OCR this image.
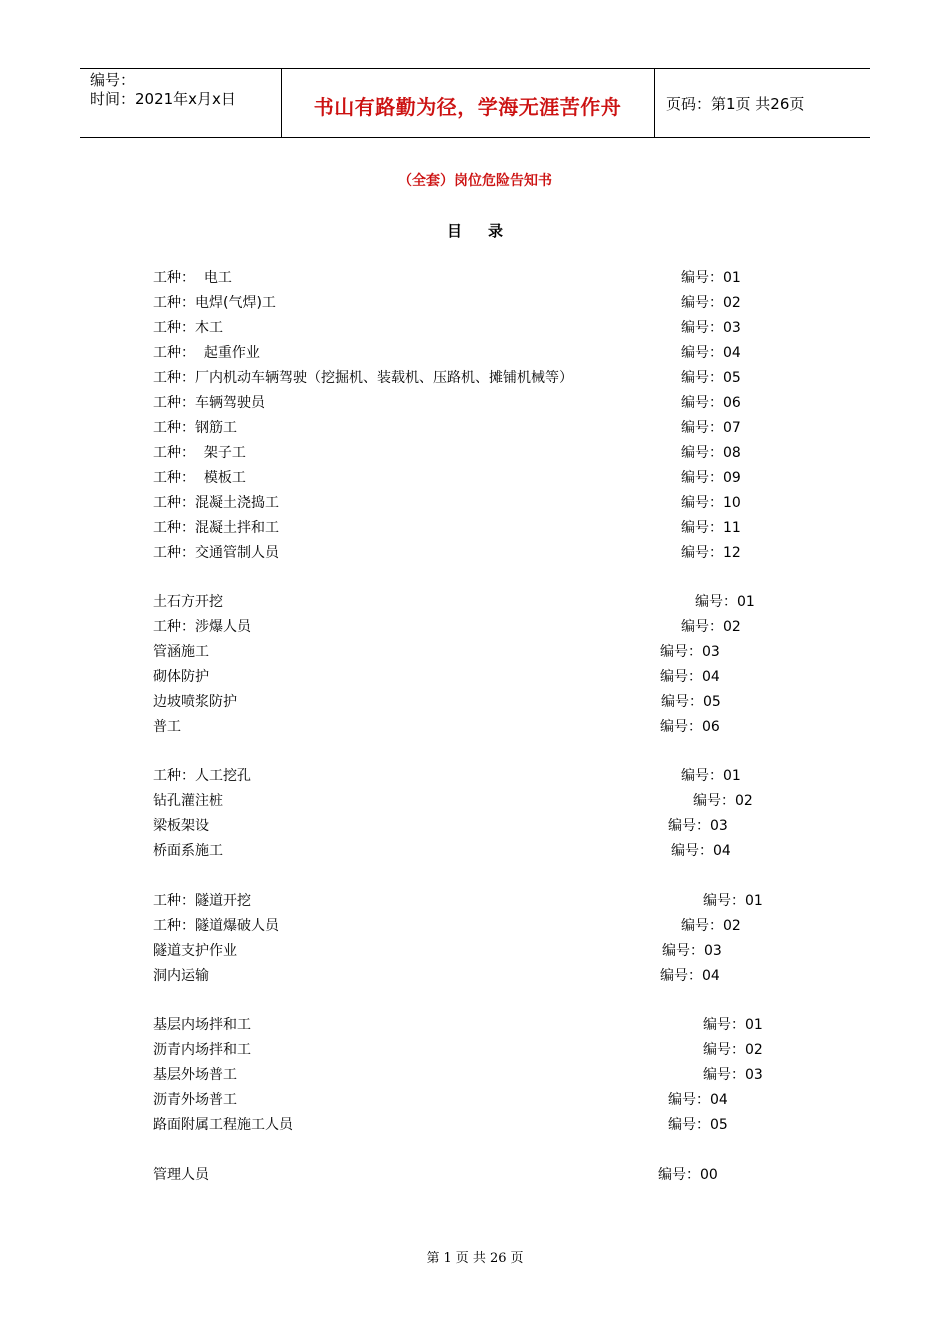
编号：
时间：2021年x月x日	书山有路勤为径，学海无涯苦作舟	页码：第1页 共26页
（全套）岗位危险告知书
目录
工种：  电工	编号：01
工种：电焊(气焊)工	编号：02
工种：木工	编号：03
工种：  起重作业	编号：04
工种：厂内机动车辆驾驶（挖掘机、装载机、压路机、摊铺机械等）	编号：05
工种：车辆驾驶员	编号：06
工种：钢筋工	编号：07
工种：  架子工	编号：08
工种：  模板工	编号：09
工种：混凝土浇捣工	编号：10
工种：混凝土拌和工	编号：11
工种：交通管制人员	编号：12
土石方开挖	编号：01
工种：涉爆人员	编号：02
管涵施工	编号：03
砌体防护	编号：04
边坡喷浆防护	编号：05
普工	编号：06
工种：人工挖孔	编号：01
钻孔灌注桩	编号：02
梁板架设	编号：03
桥面系施工	编号：04
工种：隧道开挖	编号：01
工种：隧道爆破人员	编号：02
隧道支护作业	编号：03
洞内运输	编号：04
基层内场拌和工	编号：01
沥青内场拌和工	编号：02
基层外场普工	编号：03
沥青外场普工	编号：04
路面附属工程施工人员	编号：05
管理人员	编号：00
第 1 页 共 26 页
